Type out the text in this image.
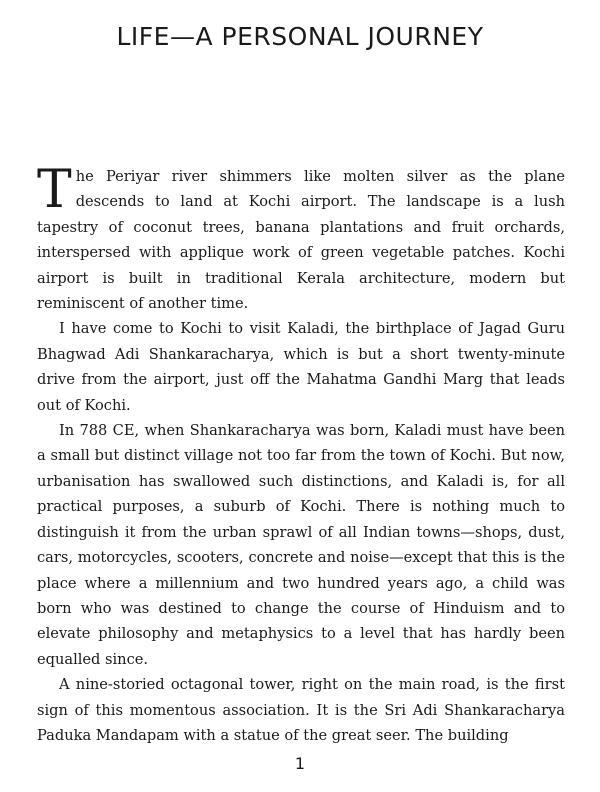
LIFE—A PERSONAL JOURNEY

The Periyar river shimmers like molten silver as the plane descends to land at Kochi airport. The landscape is a lush tapestry of coconut trees, banana plantations and fruit orchards, interspersed with applique work of green vegetable patches. Kochi airport is built in traditional Kerala architecture, modern but reminiscent of another time.

I have come to Kochi to visit Kaladi, the birthplace of Jagad Guru Bhagwad Adi Shankaracharya, which is but a short twenty-minute drive from the airport, just off the Mahatma Gandhi Marg that leads out of Kochi.

In 788 CE, when Shankaracharya was born, Kaladi must have been a small but distinct village not too far from the town of Kochi. But now, urbanisation has swallowed such distinctions, and Kaladi is, for all practical purposes, a suburb of Kochi. There is nothing much to distinguish it from the urban sprawl of all Indian towns—shops, dust, cars, motorcycles, scooters, concrete and noise—except that this is the place where a millennium and two hundred years ago, a child was born who was destined to change the course of Hinduism and to elevate philosophy and metaphysics to a level that has hardly been equalled since.

A nine-storied octagonal tower, right on the main road, is the first sign of this momentous association. It is the Sri Adi Shankaracharya Paduka Mandapam with a statue of the great seer. The building

1
